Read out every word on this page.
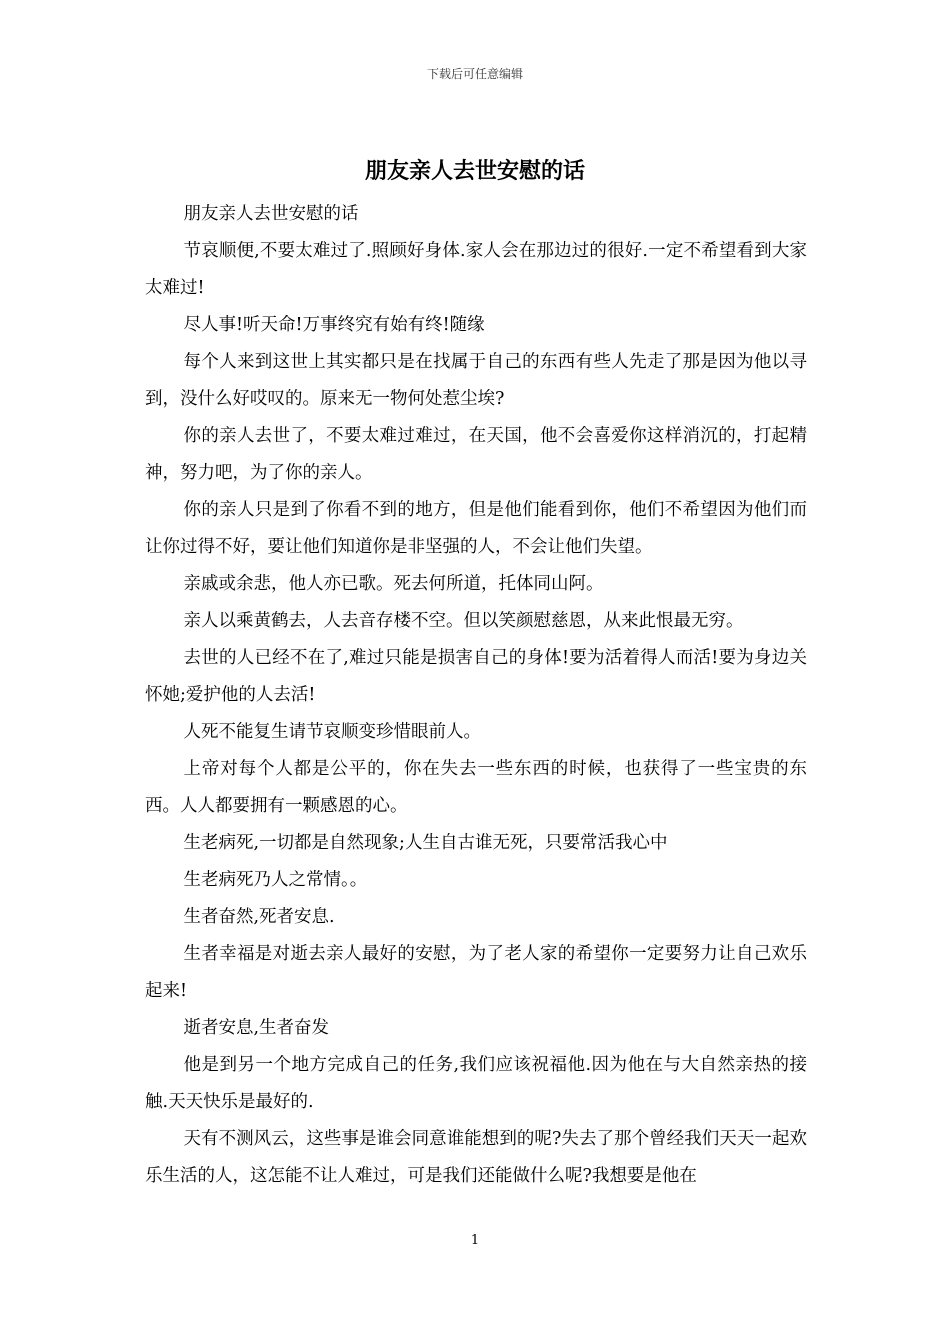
下载后可任意编辑
朋友亲人去世安慰的话

朋友亲人去世安慰的话

节哀顺便,不要太难过了.照顾好身体.家人会在那边过的很好.一定不希望看到大家太难过!

尽人事!听天命!万事终究有始有终!随缘

每个人来到这世上其实都只是在找属于自己的东西有些人先走了那是因为他以寻到，没什么好哎叹的。原来无一物何处惹尘埃?

你的亲人去世了，不要太难过难过，在天国，他不会喜爱你这样消沉的，打起精神，努力吧，为了你的亲人。

你的亲人只是到了你看不到的地方，但是他们能看到你，他们不希望因为他们而让你过得不好，要让他们知道你是非坚强的人，不会让他们失望。

亲戚或余悲，他人亦已歌。死去何所道，托体同山阿。

亲人以乘黄鹤去，人去音存楼不空。但以笑颜慰慈恩，从来此恨最无穷。

去世的人已经不在了,难过只能是损害自己的身体!要为活着得人而活!要为身边关怀她;爱护他的人去活!

人死不能复生请节哀顺变珍惜眼前人。

上帝对每个人都是公平的，你在失去一些东西的时候，也获得了一些宝贵的东西。人人都要拥有一颗感恩的心。

生老病死,一切都是自然现象;人生自古谁无死，只要常活我心中

生老病死乃人之常情。。

生者奋然,死者安息.

生者幸福是对逝去亲人最好的安慰，为了老人家的希望你一定要努力让自己欢乐起来!

逝者安息,生者奋发

他是到另一个地方完成自己的任务,我们应该祝福他.因为他在与大自然亲热的接触.天天快乐是最好的.

天有不测风云，这些事是谁会同意谁能想到的呢?失去了那个曾经我们天天一起欢乐生活的人，这怎能不让人难过，可是我们还能做什么呢?我想要是他在

1
